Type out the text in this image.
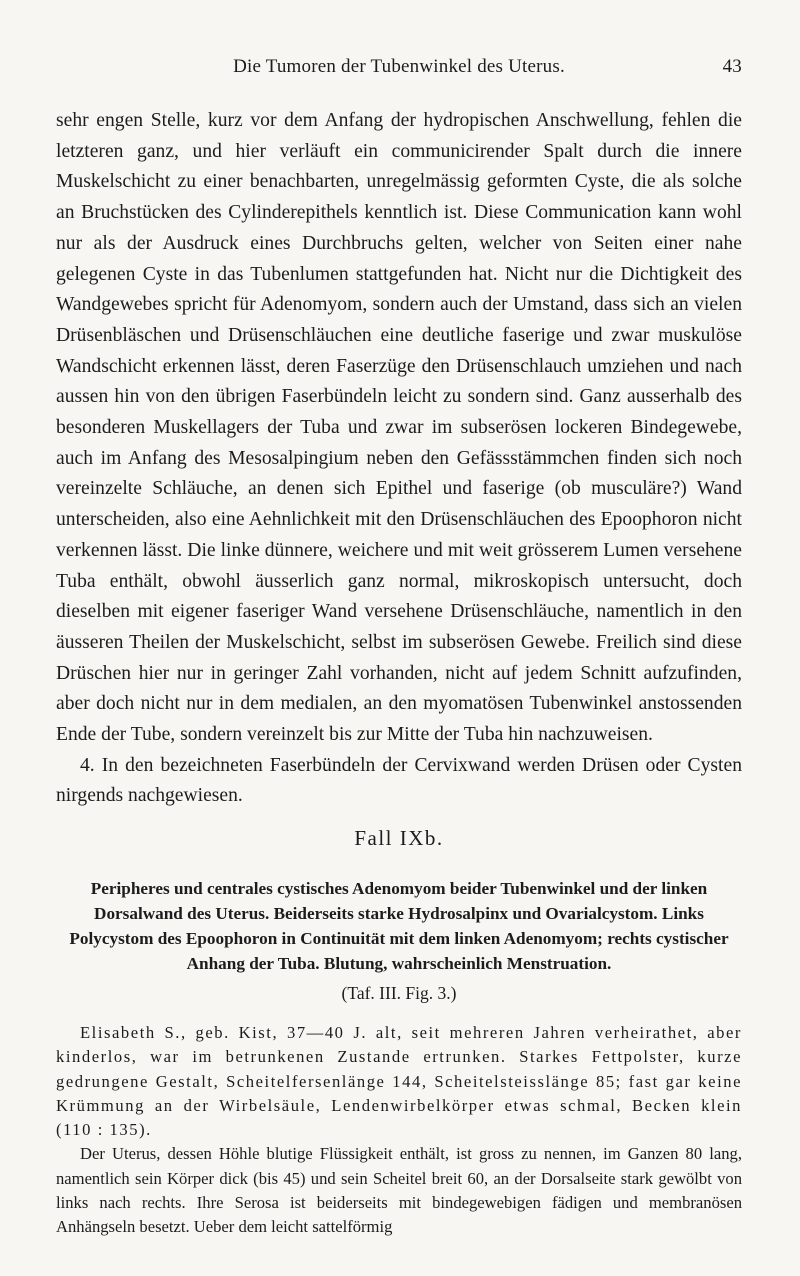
Die Tumoren der Tubenwinkel des Uterus.	43

sehr engen Stelle, kurz vor dem Anfang der hydropischen Anschwellung, fehlen die letzteren ganz, und hier verläuft ein communicirender Spalt durch die innere Muskelschicht zu einer benachbarten, unregelmässig geformten Cyste, die als solche an Bruchstücken des Cylinderepithels kenntlich ist. Diese Communication kann wohl nur als der Ausdruck eines Durchbruchs gelten, welcher von Seiten einer nahe gelegenen Cyste in das Tubenlumen stattgefunden hat. Nicht nur die Dichtigkeit des Wandgewebes spricht für Adenomyom, sondern auch der Umstand, dass sich an vielen Drüsenbläschen und Drüsenschläuchen eine deutliche faserige und zwar muskulöse Wandschicht erkennen lässt, deren Faserzüge den Drüsenschlauch umziehen und nach aussen hin von den übrigen Faserbündeln leicht zu sondern sind. Ganz ausserhalb des besonderen Muskellagers der Tuba und zwar im subserösen lockeren Bindegewebe, auch im Anfang des Mesosalpingium neben den Gefässstämmchen finden sich noch vereinzelte Schläuche, an denen sich Epithel und faserige (ob musculäre?) Wand unterscheiden, also eine Aehnlichkeit mit den Drüsenschläuchen des Epoophoron nicht verkennen lässt. Die linke dünnere, weichere und mit weit grösserem Lumen versehene Tuba enthält, obwohl äusserlich ganz normal, mikroskopisch untersucht, doch dieselben mit eigener faseriger Wand versehene Drüsenschläuche, namentlich in den äusseren Theilen der Muskelschicht, selbst im subserösen Gewebe. Freilich sind diese Drüschen hier nur in geringer Zahl vorhanden, nicht auf jedem Schnitt aufzufinden, aber doch nicht nur in dem medialen, an den myomatösen Tubenwinkel anstossenden Ende der Tube, sondern vereinzelt bis zur Mitte der Tuba hin nachzuweisen.

4. In den bezeichneten Faserbündeln der Cervixwand werden Drüsen oder Cysten nirgends nachgewiesen.

Fall IXb.
Peripheres und centrales cystisches Adenomyom beider Tubenwinkel und der linken Dorsalwand des Uterus. Beiderseits starke Hydrosalpinx und Ovarialcystom. Links Polycystom des Epoophoron in Continuität mit dem linken Adenomyom; rechts cystischer Anhang der Tuba. Blutung, wahrscheinlich Menstruation.
(Taf. III. Fig. 3.)

Elisabeth S., geb. Kist, 37—40 J. alt, seit mehreren Jahren verheirathet, aber kinderlos, war im betrunkenen Zustande ertrunken. Starkes Fettpolster, kurze gedrungene Gestalt, Scheitelfersenlänge 144, Scheitelsteisslänge 85; fast gar keine Krümmung an der Wirbelsäule, Lendenwirbelkörper etwas schmal, Becken klein (110 : 135).

Der Uterus, dessen Höhle blutige Flüssigkeit enthält, ist gross zu nennen, im Ganzen 80 lang, namentlich sein Körper dick (bis 45) und sein Scheitel breit 60, an der Dorsalseite stark gewölbt von links nach rechts. Ihre Serosa ist beiderseits mit bindegewebigen fädigen und membranösen Anhängseln besetzt. Ueber dem leicht sattelförmig
